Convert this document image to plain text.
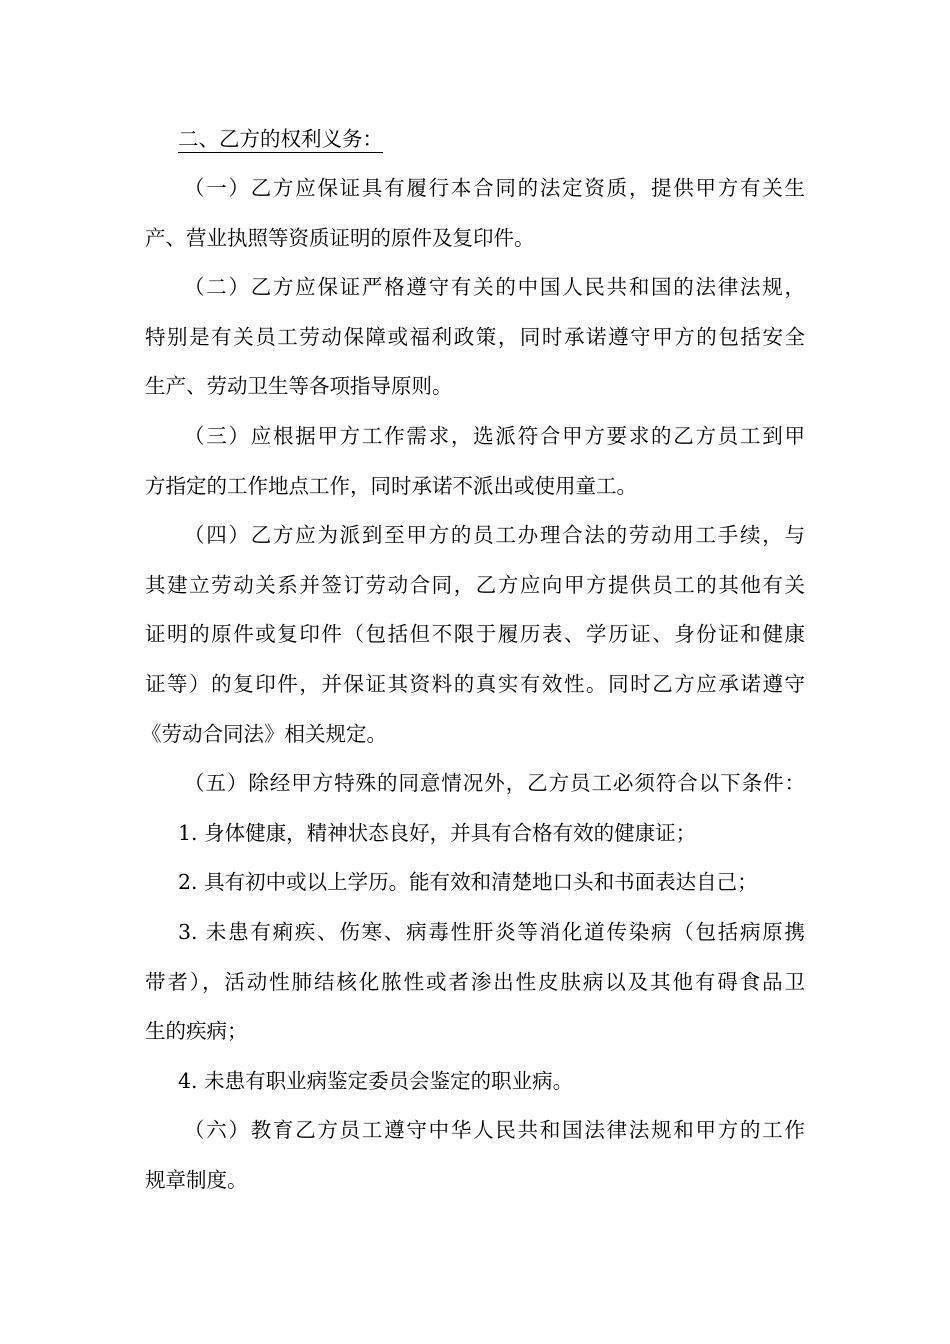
二、乙方的权利义务：
（一）乙方应保证具有履行本合同的法定资质，提供甲方有关生
产、营业执照等资质证明的原件及复印件。
（二）乙方应保证严格遵守有关的中国人民共和国的法律法规，
特别是有关员工劳动保障或福利政策，同时承诺遵守甲方的包括安全
生产、劳动卫生等各项指导原则。
（三）应根据甲方工作需求，选派符合甲方要求的乙方员工到甲
方指定的工作地点工作，同时承诺不派出或使用童工。
（四）乙方应为派到至甲方的员工办理合法的劳动用工手续，与
其建立劳动关系并签订劳动合同，乙方应向甲方提供员工的其他有关
证明的原件或复印件（包括但不限于履历表、学历证、身份证和健康
证等）的复印件，并保证其资料的真实有效性。同时乙方应承诺遵守
《劳动合同法》相关规定。
（五）除经甲方特殊的同意情况外，乙方员工必须符合以下条件：
1. 身体健康，精神状态良好，并具有合格有效的健康证；
2. 具有初中或以上学历。能有效和清楚地口头和书面表达自己；
3. 未患有痢疾、伤寒、病毒性肝炎等消化道传染病（包括病原携
带者），活动性肺结核化脓性或者渗出性皮肤病以及其他有碍食品卫
生的疾病；
4. 未患有职业病鉴定委员会鉴定的职业病。
（六）教育乙方员工遵守中华人民共和国法律法规和甲方的工作
规章制度。
